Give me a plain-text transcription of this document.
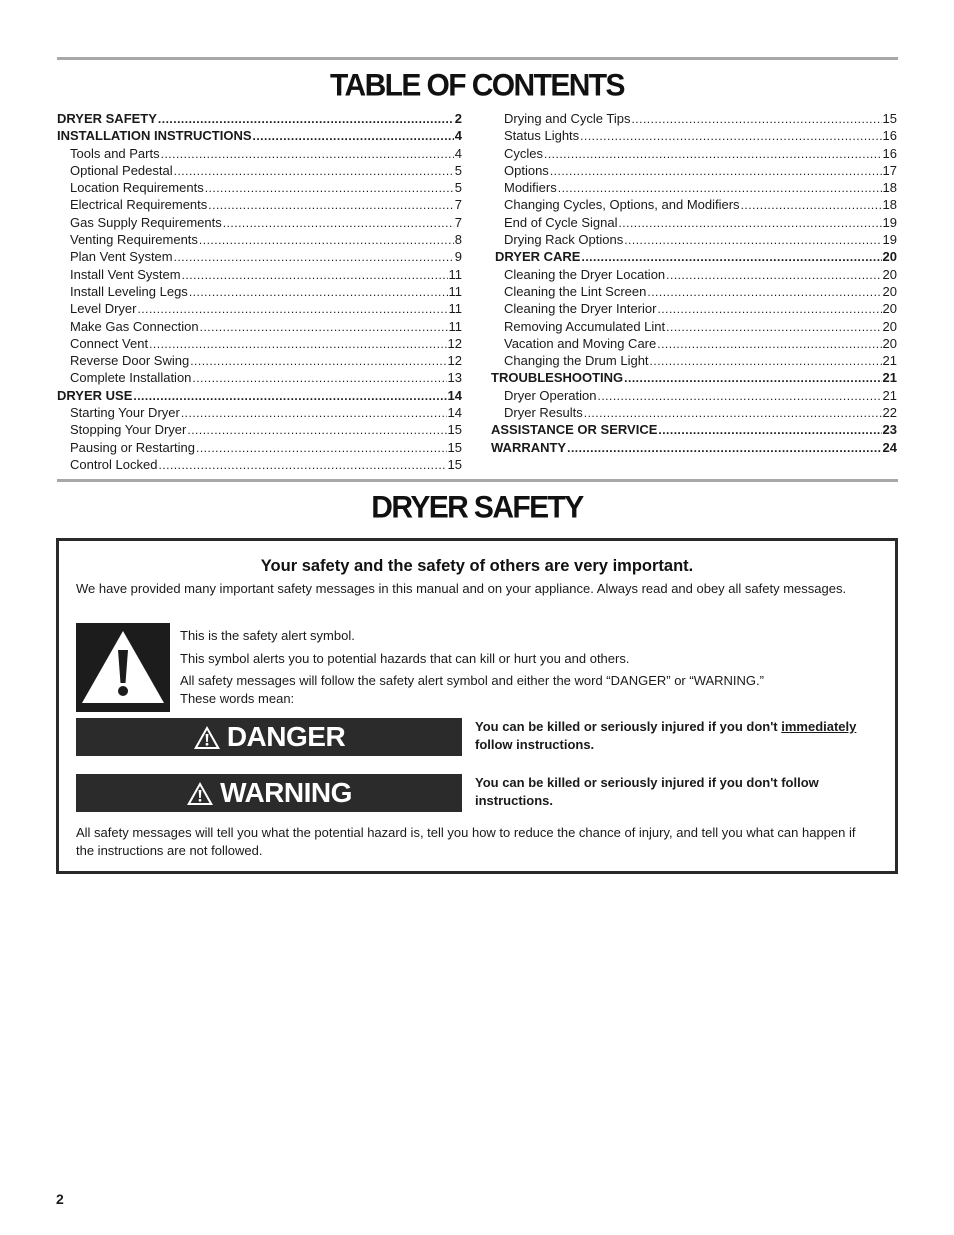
TABLE OF CONTENTS
DRYER SAFETY .....	2
INSTALLATION INSTRUCTIONS .....	4
Tools and Parts .....	4
Optional Pedestal .....	5
Location Requirements .....	5
Electrical Requirements .....	7
Gas Supply Requirements .....	7
Venting Requirements .....	8
Plan Vent System .....	9
Install Vent System .....	11
Install Leveling Legs .....	11
Level Dryer .....	11
Make Gas Connection .....	11
Connect Vent .....	12
Reverse Door Swing .....	12
Complete Installation .....	13
DRYER USE .....	14
Starting Your Dryer .....	14
Stopping Your Dryer .....	15
Pausing or Restarting .....	15
Control Locked .....	15
Drying and Cycle Tips .....	15
Status Lights .....	16
Cycles .....	16
Options .....	17
Modifiers .....	18
Changing Cycles, Options, and Modifiers .....	18
End of Cycle Signal .....	19
Drying Rack Options .....	19
DRYER CARE .....	20
Cleaning the Dryer Location .....	20
Cleaning the Lint Screen .....	20
Cleaning the Dryer Interior .....	20
Removing Accumulated Lint .....	20
Vacation and Moving Care .....	20
Changing the Drum Light .....	21
TROUBLESHOOTING .....	21
Dryer Operation .....	21
Dryer Results .....	22
ASSISTANCE OR SERVICE .....	23
WARRANTY .....	24
DRYER SAFETY
Your safety and the safety of others are very important.
We have provided many important safety messages in this manual and on your appliance. Always read and obey all safety messages.
This is the safety alert symbol.
This symbol alerts you to potential hazards that can kill or hurt you and others.
All safety messages will follow the safety alert symbol and either the word “DANGER” or “WARNING.”
These words mean:
DANGER	You can be killed or seriously injured if you don't immediately
follow instructions.
WARNING	You can be killed or seriously injured if you don't follow instructions.
All safety messages will tell you what the potential hazard is, tell you how to reduce the chance of injury, and tell you what can happen if the instructions are not followed.
2
